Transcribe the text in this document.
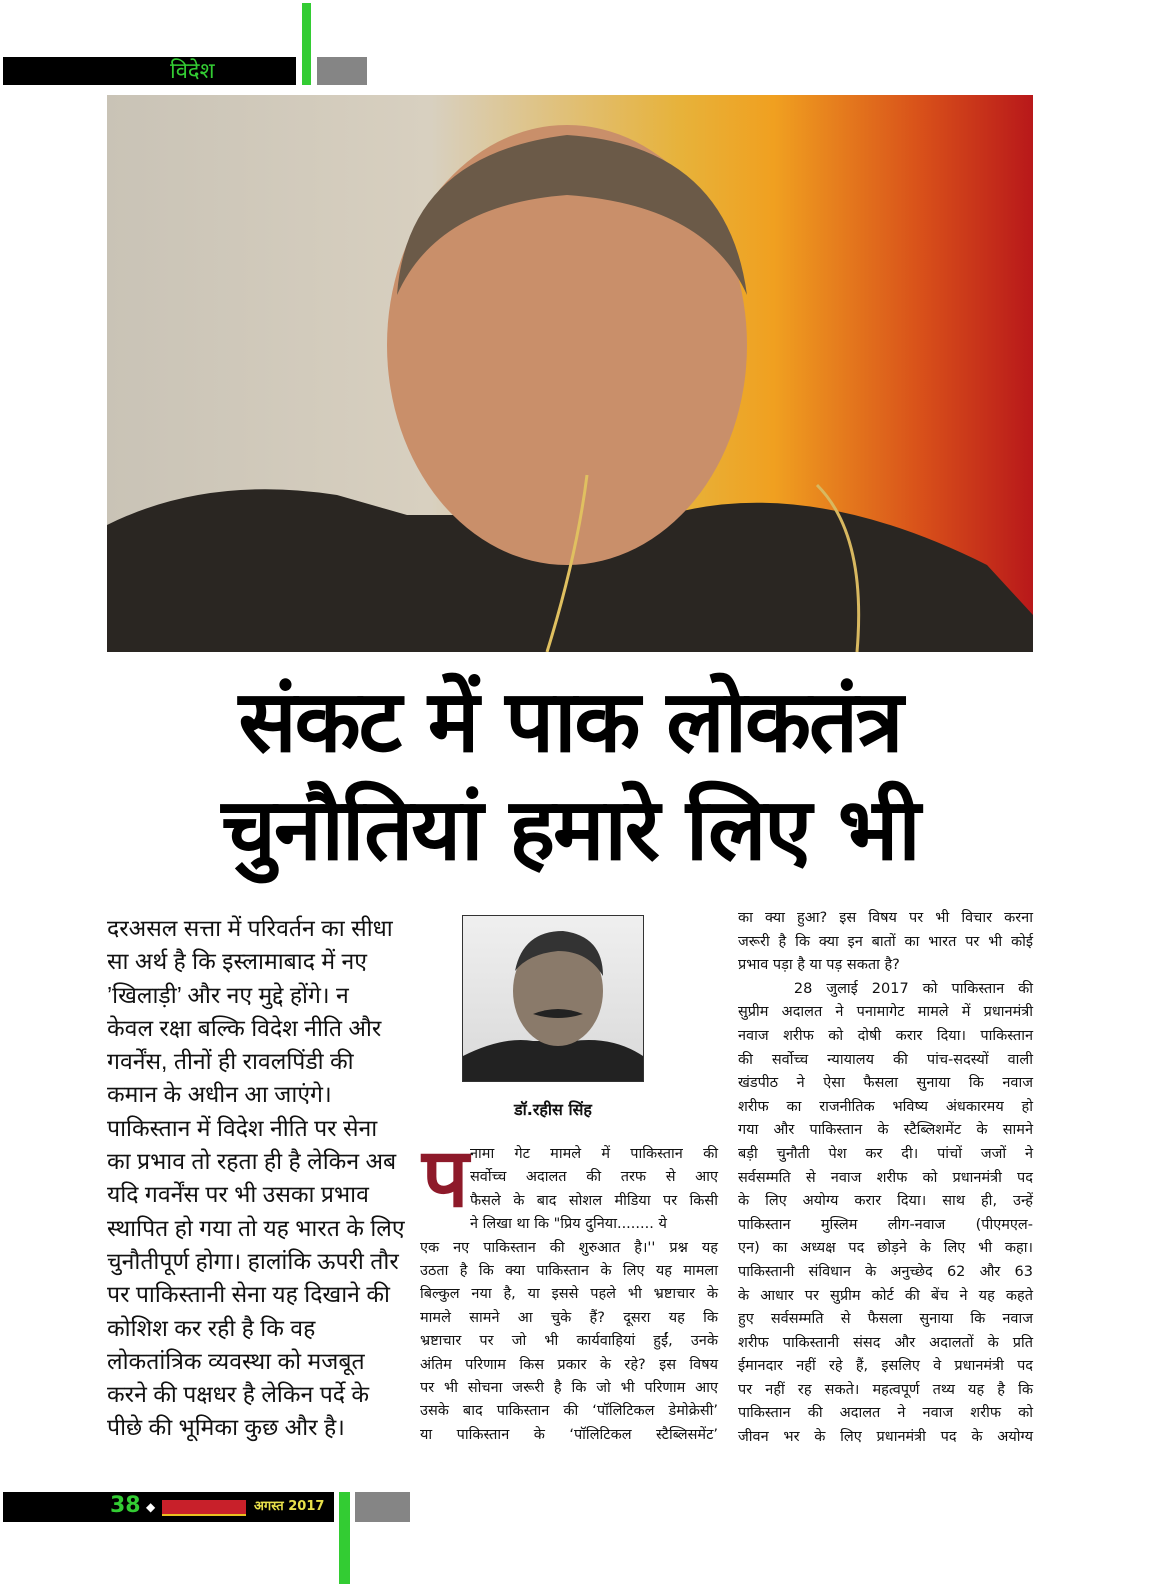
विदेश
संकट में पाक लोकतंत्र
चुनौतियां हमारे लिए भी
दरअसल सत्ता में परिवर्तन का सीधा
सा अर्थ है कि इस्लामाबाद में नए
’खिलाड़ी’ और नए मुद्दे होंगे। न
केवल रक्षा बल्कि विदेश नीति और
गवर्नेंस, तीनों ही रावलपिंडी की
कमान के अधीन आ जाएंगे।
पाकिस्तान में विदेश नीति पर सेना
का प्रभाव तो रहता ही है लेकिन अब
यदि गवर्नेंस पर भी उसका प्रभाव
स्थापित हो गया तो यह भारत के लिए
चुनौतीपूर्ण होगा। हालांकि ऊपरी तौर
पर पाकिस्तानी सेना यह दिखाने की
कोशिश कर रही है कि वह
लोकतांत्रिक व्यवस्था को मजबूत
करने की पक्षधर है लेकिन पर्दे के
पीछे की भूमिका कुछ और है।
डॉ.रहीस सिंह
प नामा गेट मामले में पाकिस्तान की
सर्वोच्च अदालत की तरफ से आए
फैसले के बाद सोशल मीडिया पर किसी
ने लिखा था कि "प्रिय दुनिया........ ये
एक नए पाकिस्तान की शुरुआत है।'' प्रश्न यह
उठता है कि क्या पाकिस्तान के लिए यह मामला
बिल्कुल नया है, या इससे पहले भी भ्रष्टाचार के
मामले सामने आ चुके हैं? दूसरा यह कि
भ्रष्टाचार पर जो भी कार्यवाहियां हुईं, उनके
अंतिम परिणाम किस प्रकार के रहे? इस विषय
पर भी सोचना जरूरी है कि जो भी परिणाम आए
उसके बाद पाकिस्तान की ‘पॉलिटिकल डेमोक्रेसी’
या पाकिस्तान के ‘पॉलिटिकल स्टैब्लिसमेंट’
का क्या हुआ? इस विषय पर भी विचार करना
जरूरी है कि क्या इन बातों का भारत पर भी कोई
प्रभाव पड़ा है या पड़ सकता है?
28 जुलाई 2017 को पाकिस्तान की
सुप्रीम अदालत ने पनामागेट मामले में प्रधानमंत्री
नवाज शरीफ को दोषी करार दिया। पाकिस्तान
की सर्वोच्च न्यायालय की पांच-सदस्यों वाली
खंडपीठ ने ऐसा फैसला सुनाया कि नवाज
शरीफ का राजनीतिक भविष्य अंधकारमय हो
गया और पाकिस्तान के स्टैब्लिशमेंट के सामने
बड़ी चुनौती पेश कर दी। पांचों जजों ने
सर्वसम्मति से नवाज शरीफ को प्रधानमंत्री पद
के लिए अयोग्य करार दिया। साथ ही, उन्हें
पाकिस्तान मुस्लिम लीग-नवाज (पीएमएल-
एन) का अध्यक्ष पद छोड़ने के लिए भी कहा।
पाकिस्तानी संविधान के अनुच्छेद 62 और 63
के आधार पर सुप्रीम कोर्ट की बेंच ने यह कहते
हुए सर्वसम्मति से फैसला सुनाया कि नवाज
शरीफ पाकिस्तानी संसद और अदालतों के प्रति
ईमानदार नहीं रहे हैं, इसलिए वे प्रधानमंत्री पद
पर नहीं रह सकते। महत्वपूर्ण तथ्य यह है कि
पाकिस्तान की अदालत ने नवाज शरीफ को
जीवन भर के लिए प्रधानमंत्री पद के अयोग्य
38 ◆	अगस्त 2017
